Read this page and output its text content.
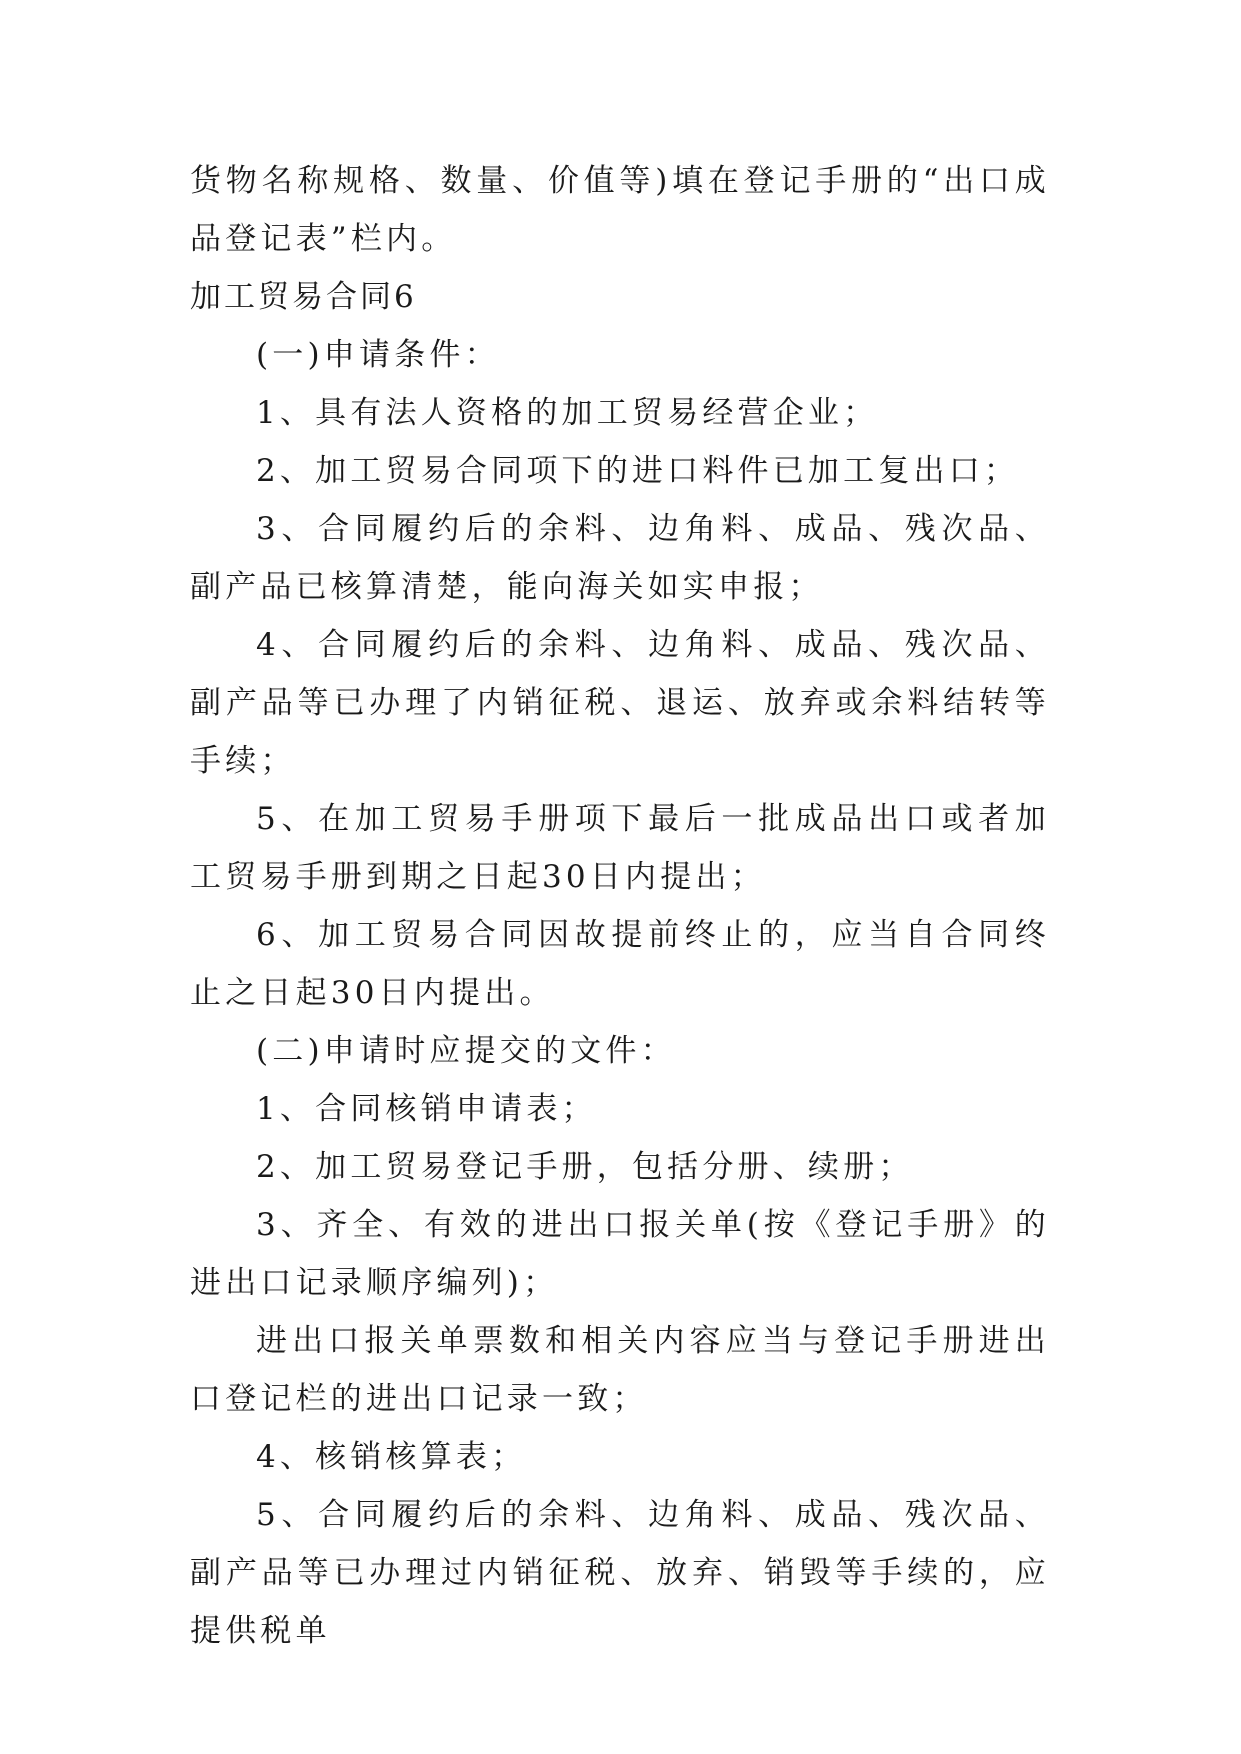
货物名称规格、数量、价值等)填在登记手册的“出口成品登记表”栏内。

加工贸易合同6

(一)申请条件：

1、具有法人资格的加工贸易经营企业；

2、加工贸易合同项下的进口料件已加工复出口；

3、合同履约后的余料、边角料、成品、残次品、副产品已核算清楚，能向海关如实申报；

4、合同履约后的余料、边角料、成品、残次品、副产品等已办理了内销征税、退运、放弃或余料结转等手续；

5、在加工贸易手册项下最后一批成品出口或者加工贸易手册到期之日起30日内提出；

6、加工贸易合同因故提前终止的，应当自合同终止之日起30日内提出。

(二)申请时应提交的文件：

1、合同核销申请表；

2、加工贸易登记手册，包括分册、续册；

3、齐全、有效的进出口报关单(按《登记手册》的进出口记录顺序编列)；

进出口报关单票数和相关内容应当与登记手册进出口登记栏的进出口记录一致；

4、核销核算表；

5、合同履约后的余料、边角料、成品、残次品、副产品等已办理过内销征税、放弃、销毁等手续的，应提供税单
